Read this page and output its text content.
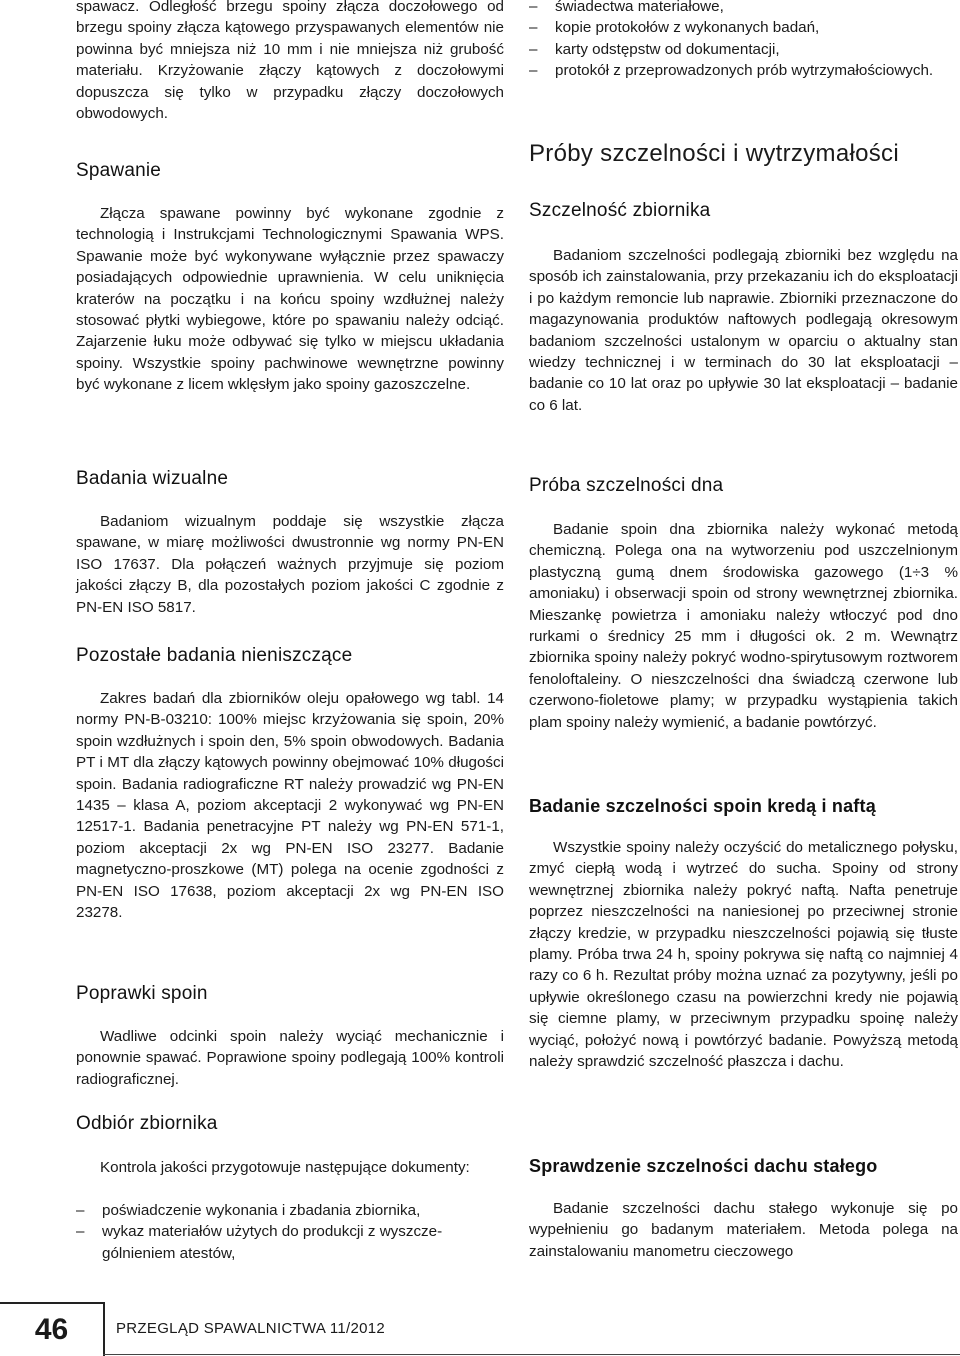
spawacz. Odległość brzegu spoiny złącza doczołowego od brzegu spoiny złącza kątowego przyspawanych elementów nie powinna być mniejsza niż 10 mm i nie mniejsza niż grubość materiału. Krzyżowanie złączy kątowych z doczołowymi dopuszcza się tylko w przypadku złączy doczołowych obwodowych.

Spawanie

Złącza spawane powinny być wykonane zgodnie z technologią i Instrukcjami Technologicznymi Spawania WPS. Spawanie może być wykonywane wyłącznie przez spawaczy posiadających odpowiednie uprawnienia. W celu uniknięcia kraterów na początku i na końcu spoiny wzdłużnej należy stosować płytki wybiegowe, które po spawaniu należy odciąć. Zajarzenie łuku może odbywać się tylko w miejscu układania spoiny. Wszystkie spoiny pachwinowe wewnętrzne powinny być wykonane z licem wklęsłym jako spoiny gazoszczelne.

Badania wizualne

Badaniom wizualnym poddaje się wszystkie złącza spawane, w miarę możliwości dwustronnie wg normy PN-EN ISO 17637. Dla połączeń ważnych przyjmuje się poziom jakości złączy B, dla pozostałych poziom jakości C zgodnie z PN-EN ISO 5817.

Pozostałe badania nieniszczące

Zakres badań dla zbiorników oleju opałowego wg tabl. 14 normy PN-B-03210: 100% miejsc krzyżowania się spoin, 20% spoin wzdłużnych i spoin den, 5% spoin obwodowych. Badania PT i MT dla złączy kątowych powinny obejmować 10% długości spoin. Badania radiograficzne RT należy prowadzić wg PN-EN 1435 – klasa A, poziom akceptacji 2 wykonywać wg PN-EN 12517-1. Badania penetracyjne PT należy wg PN-EN 571-1, poziom akceptacji 2x wg PN-EN ISO 23277. Badanie magnetyczno-proszkowe (MT) polega na ocenie zgodności z PN-EN ISO 17638, poziom akceptacji 2x wg PN-EN ISO 23278.

Poprawki spoin

Wadliwe odcinki spoin należy wyciąć mechanicznie i ponownie spawać. Poprawione spoiny podlegają 100% kontroli radiograficznej.

Odbiór zbiornika

Kontrola jakości przygotowuje następujące dokumenty:

– poświadczenie wykonania i zbadania zbiornika,
– wykaz materiałów użytych do produkcji z wyszczególnieniem atestów,
– świadectwa materiałowe,
– kopie protokołów z wykonanych badań,
– karty odstępstw od dokumentacji,
– protokół z przeprowadzonych prób wytrzymałościowych.
Próby szczelności i wytrzymałości
Szczelność zbiornika

Badaniom szczelności podlegają zbiorniki bez względu na sposób ich zainstalowania, przy przekazaniu ich do eksploatacji i po każdym remoncie lub naprawie. Zbiorniki przeznaczone do magazynowania produktów naftowych podlegają okresowym badaniom szczelności ustalonym w oparciu o aktualny stan wiedzy technicznej i w terminach do 30 lat eksploatacji – badanie co 10 lat oraz po upływie 30 lat eksploatacji – badanie co 6 lat.

Próba szczelności dna

Badanie spoin dna zbiornika należy wykonać metodą chemiczną. Polega ona na wytworzeniu pod uszczelnionym plastyczną gumą dnem środowiska gazowego (1÷3 % amoniaku) i obserwacji spoin od strony wewnętrznej zbiornika. Mieszankę powietrza i amoniaku należy wtłoczyć pod dno rurkami o średnicy 25 mm i długości ok. 2 m. Wewnątrz zbiornika spoiny należy pokryć wodno-spirytusowym roztworem fenoloftaleiny. O nieszczelności dna świadczą czerwone lub czerwono-fioletowe plamy; w przypadku wystąpienia takich plam spoiny należy wymienić, a badanie powtórzyć.

Badanie szczelności spoin kredą i naftą

Wszystkie spoiny należy oczyścić do metalicznego połysku, zmyć ciepłą wodą i wytrzeć do sucha. Spoiny od strony wewnętrznej zbiornika należy pokryć naftą. Nafta penetruje poprzez nieszczelności na naniesionej po przeciwnej stronie złączy kredzie, w przypadku nieszczelności pojawią się tłuste plamy. Próba trwa 24 h, spoiny pokrywa się naftą co najmniej 4 razy co 6 h. Rezultat próby można uznać za pozytywny, jeśli po upływie określonego czasu na powierzchni kredy nie pojawią się ciemne plamy, w przeciwnym przypadku spoinę należy wyciąć, położyć nową i powtórzyć badanie. Powyższą metodą należy sprawdzić szczelność płaszcza i dachu.

Sprawdzenie szczelności dachu stałego

Badanie szczelności dachu stałego wykonuje się po wypełnieniu go badanym materiałem. Metoda polega na zainstalowaniu manometru cieczowego

46	PRZEGLĄD SPAWALNICTWA 11/2012
